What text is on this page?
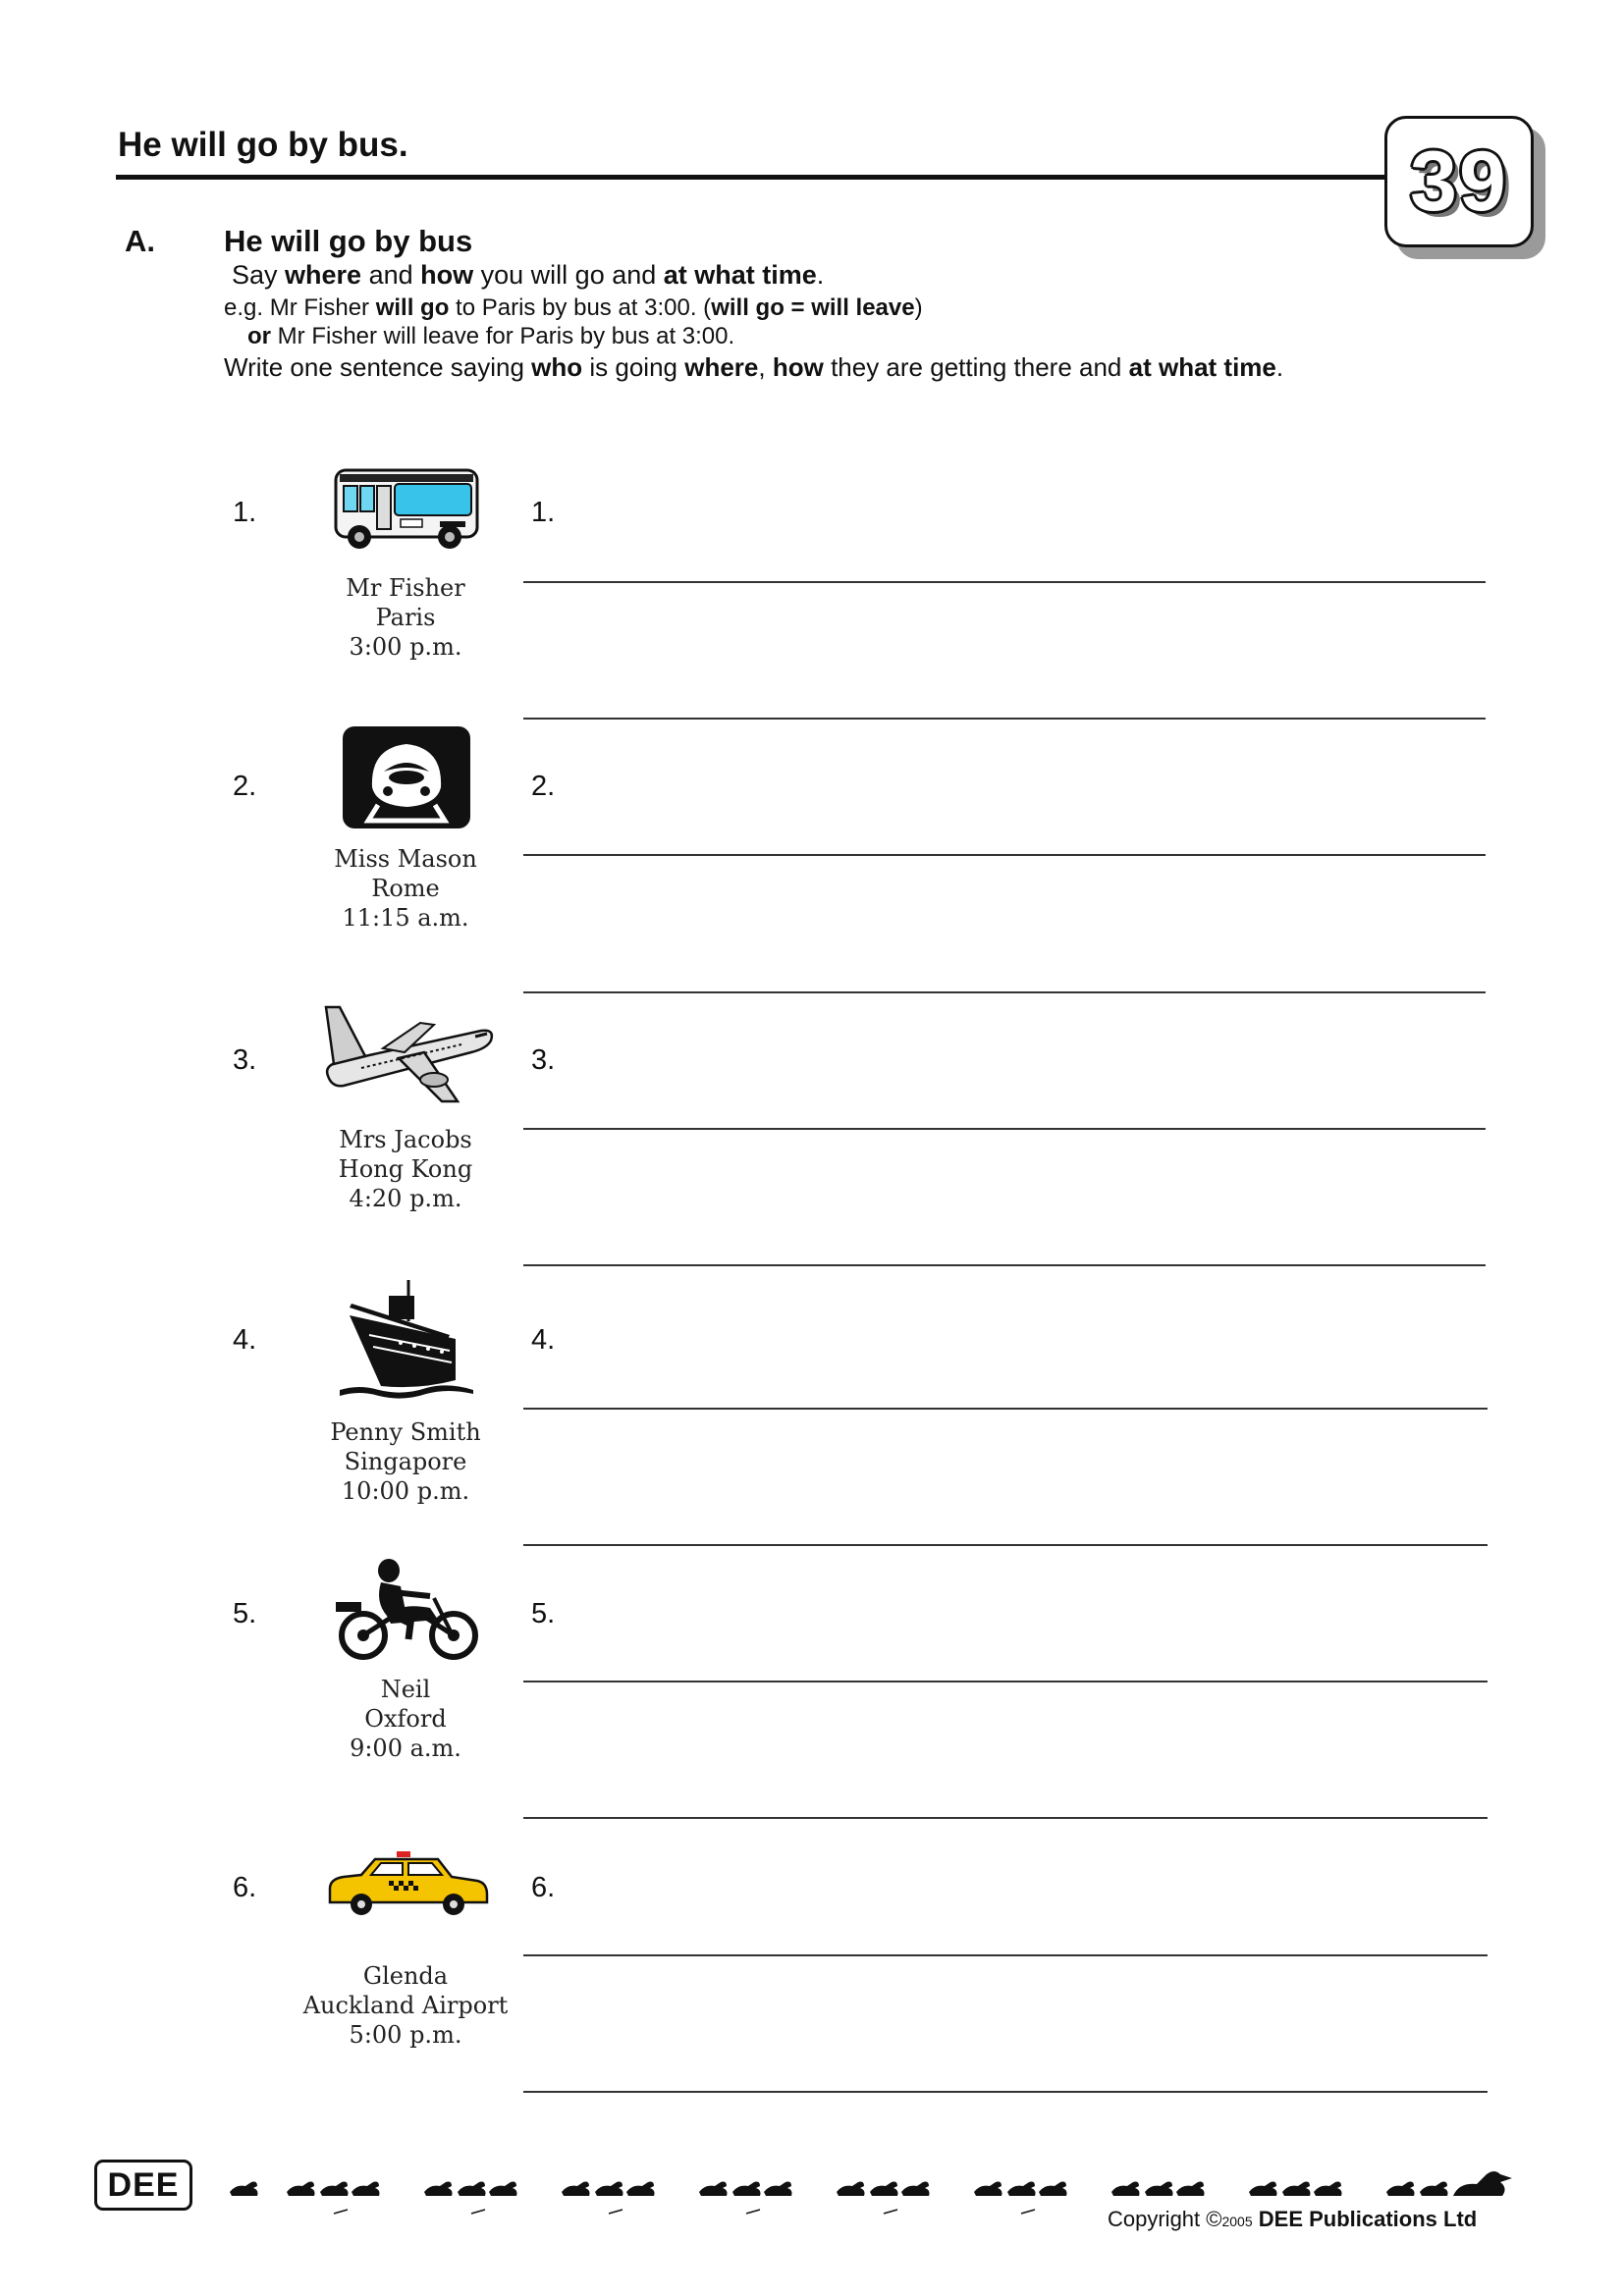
He will go by bus.	39
A. He will go by bus
Say where and how you will go and at what time.
e.g. Mr Fisher will go to Paris by bus at 3:00. (will go = will leave)
or Mr Fisher will leave for Paris by bus at 3:00.
Write one sentence saying who is going where, how they are getting there and at what time.
1.	1.
Mr Fisher
Paris
3:00 p.m.
2.	2.
Miss Mason
Rome
11:15 a.m.
3.	3.
Mrs Jacobs
Hong Kong
4:20 p.m.
4.	4.
Penny Smith
Singapore
10:00 p.m.
5.	5.
Neil
Oxford
9:00 a.m.
6.	6.
Glenda
Auckland Airport
5:00 p.m.
DEE
Copyright ©2005 DEE Publications Ltd
